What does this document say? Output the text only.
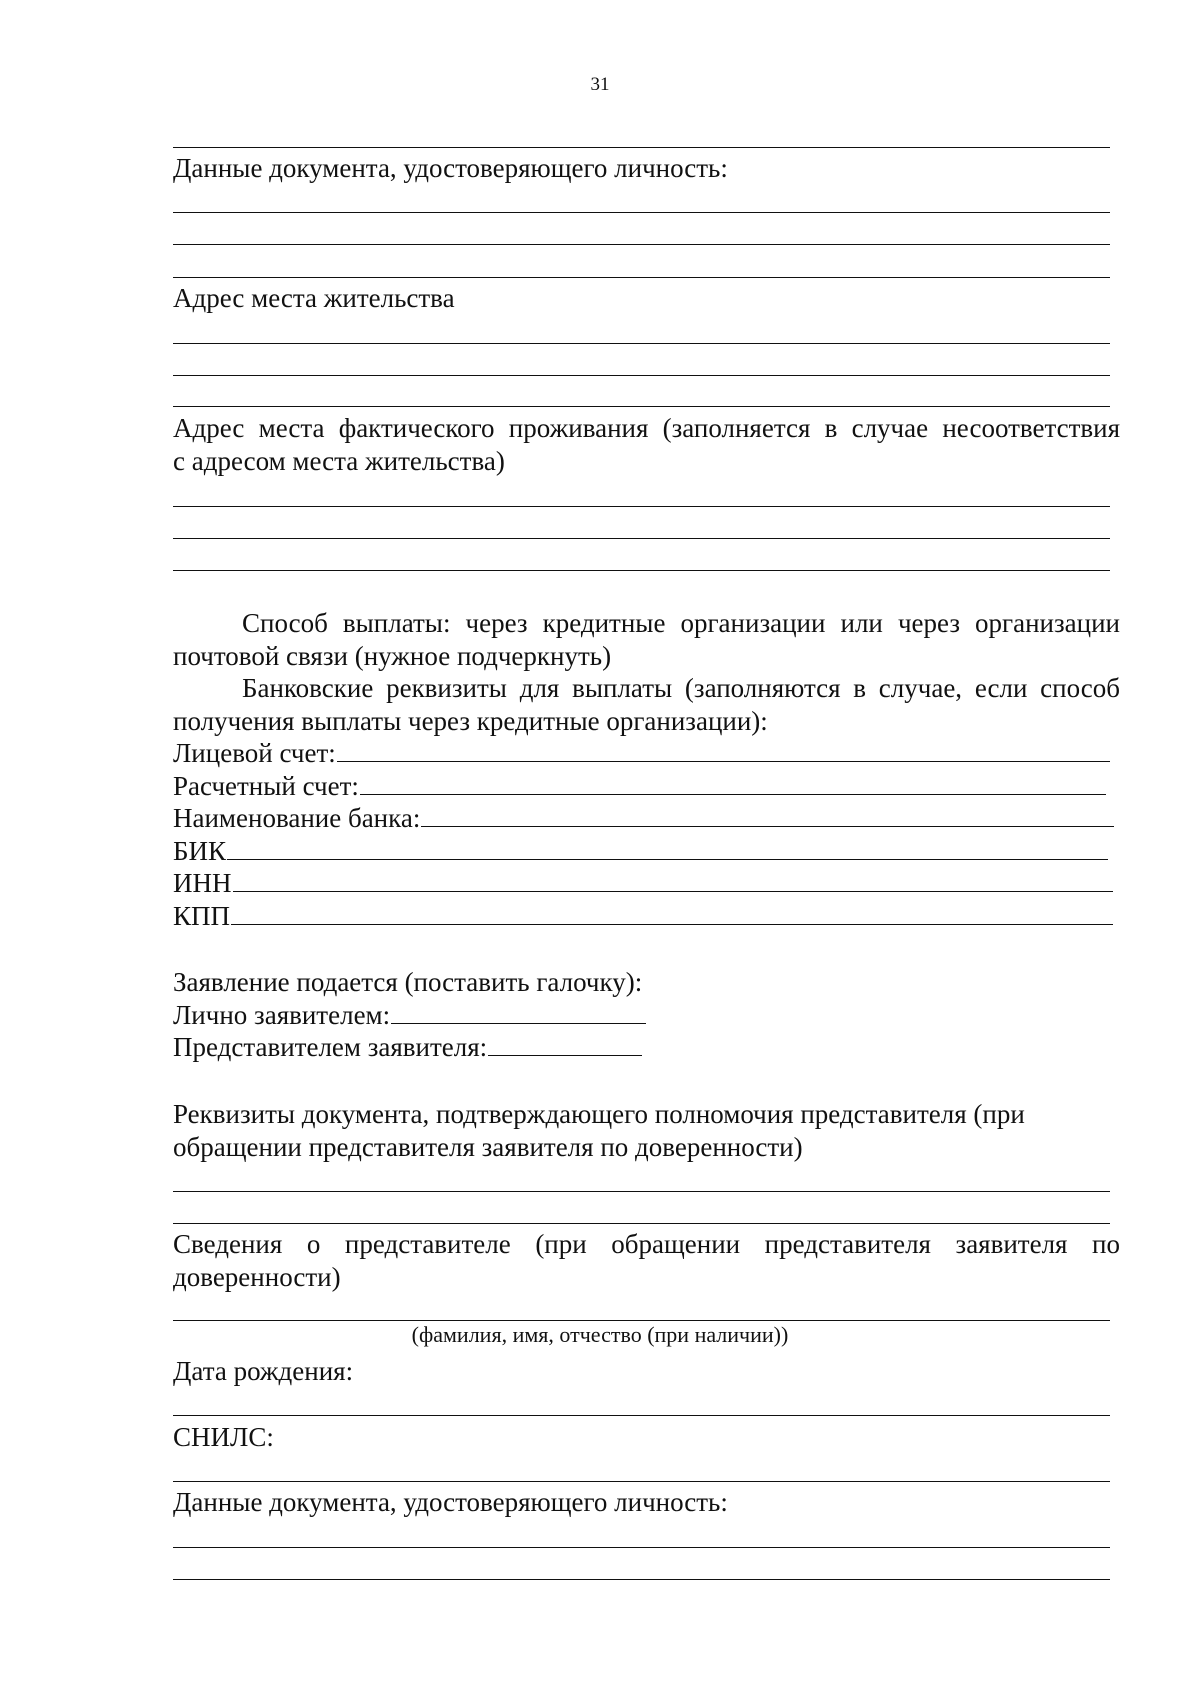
31
Данные документа, удостоверяющего личность:
Адрес места жительства
Адрес места фактического проживания (заполняется в случае несоответствия
с адресом места жительства)
Способ выплаты: через кредитные организации или через организации
почтовой связи (нужное подчеркнуть)
Банковские реквизиты для выплаты (заполняются в случае, если способ
получения выплаты через кредитные организации):
Лицевой счет:
Расчетный счет:
Наименование банка:
БИК
ИНН
КПП
Заявление подается (поставить галочку):
Лично заявителем:
Представителем заявителя:
Реквизиты документа, подтверждающего полномочия представителя (при
обращении представителя заявителя по доверенности)
Сведения о представителе (при обращении представителя заявителя по
доверенности)
(фамилия, имя, отчество (при наличии))
Дата рождения:
СНИЛС:
Данные документа, удостоверяющего личность:
